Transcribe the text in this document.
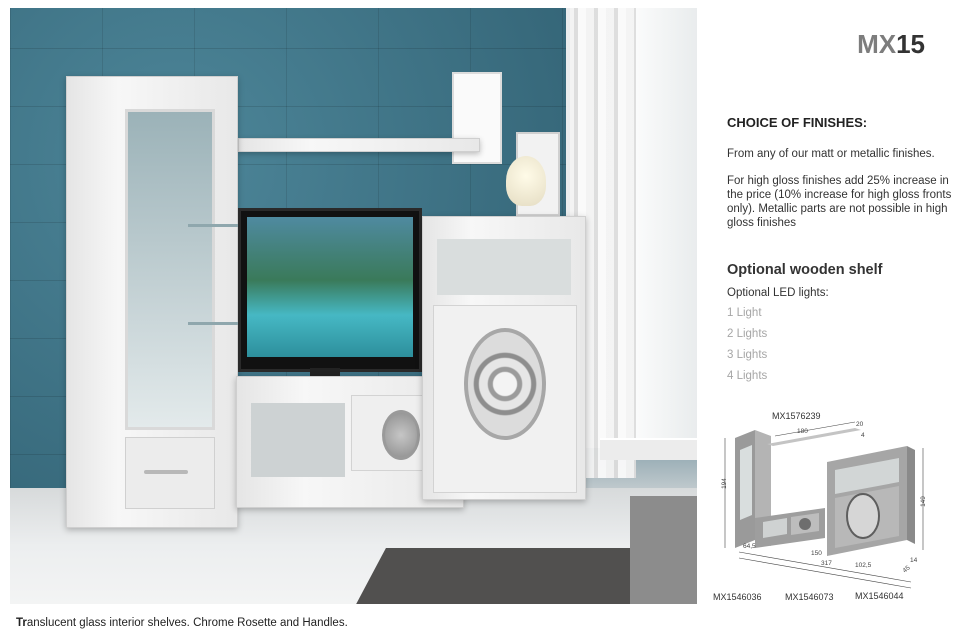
MX15
CHOICE OF FINISHES:
From any of our matt or metallic finishes.
For high gloss finishes add 25% increase in the price (10% increase for high gloss fronts only). Metallic parts are not possible in high gloss finishes
Optional wooden shelf
Optional LED lights:
1 Light
2 Lights
3 Lights
4 Lights
MX1576239
180
20
4
194
149
14
64,5
150
102,5
317
45
MX1546036	MX1546073 MX1546044
Translucent glass interior shelves. Chrome Rosette and Handles.
